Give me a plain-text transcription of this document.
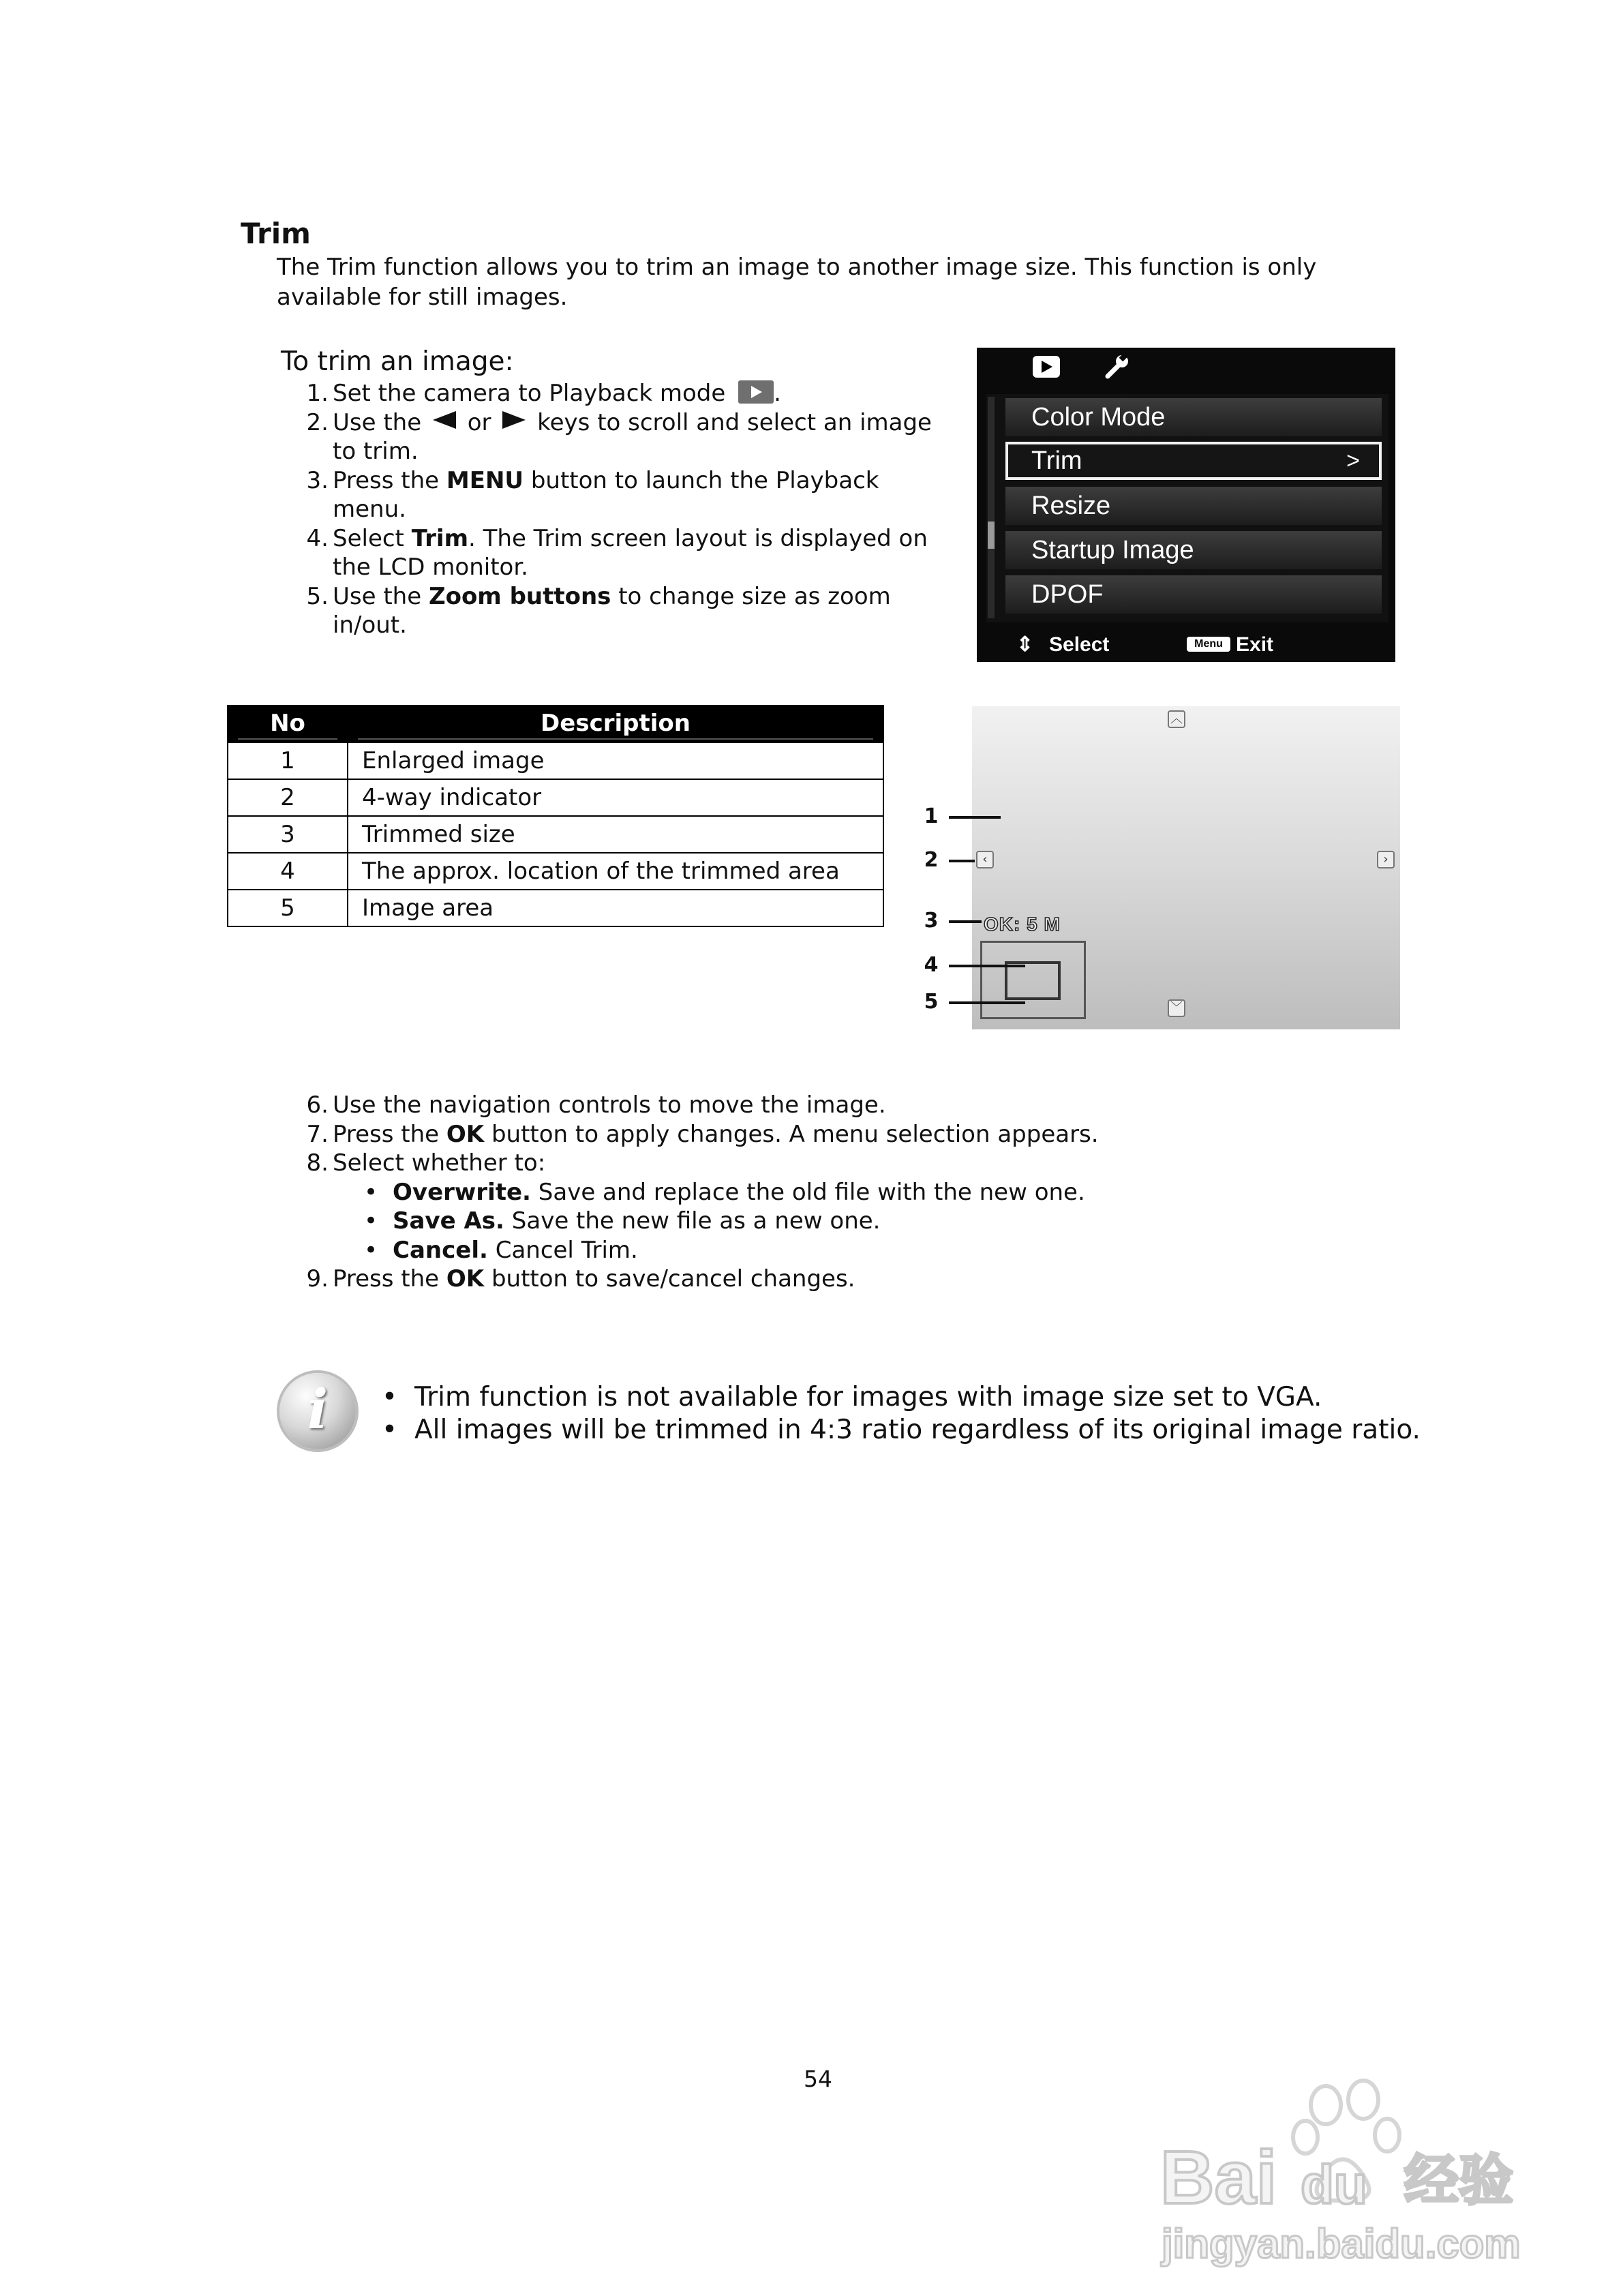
Trim
The Trim function allows you to trim an image to another image size. This function is only available for still images.
To trim an image:
1. Set the camera to Playback mode .
2. Use the or keys to scroll and select an image to trim.
3. Press the MENU button to launch the Playback menu.
4. Select Trim. The Trim screen layout is displayed on the LCD monitor.
5. Use the Zoom buttons to change size as zoom in/out.
Color Mode
Trim	>
Resize
Startup Image
DPOF
⇕ Select	Menu Exit
No	Description

1	Enlarged image
2	4-way indicator
3	Trimmed size
4	The approx. location of the trimmed area
5	Image area
︿
‹	›
﹀
OK: 5 M
1
2
3
4
5
6. Use the navigation controls to move the image.
7. Press the OK button to apply changes. A menu selection appears.
8. Select whether to:
• Overwrite. Save and replace the old file with the new one.
• Save As. Save the new file as a new one.
• Cancel. Cancel Trim.
9. Press the OK button to save/cancel changes.
i	• Trim function is not available for images with image size set to VGA.
• All images will be trimmed in 4:3 ratio regardless of its original image ratio.
54
Bai du 经验
jingyan.baidu.com
